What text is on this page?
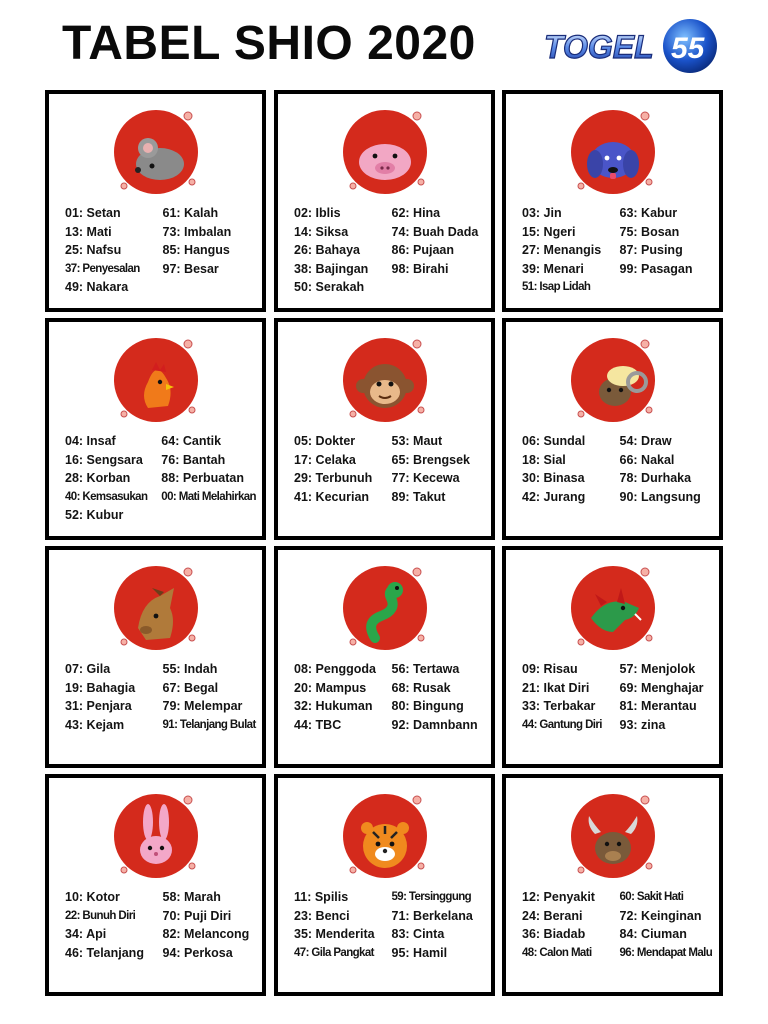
TABEL SHIO 2020 TOGEL 55
01: Setan
13: Mati
25: Nafsu
37: Penyesalan
49: Nakara
61: Kalah
73: Imbalan
85: Hangus
97: Besar
02: Iblis
14: Siksa
26: Bahaya
38: Bajingan
50: Serakah
62: Hina
74: Buah Dada
86: Pujaan
98: Birahi
03: Jin
15: Ngeri
27: Menangis
39: Menari
51: Isap Lidah
63: Kabur
75: Bosan
87: Pusing
99: Pasagan
04: Insaf
16: Sengsara
28: Korban
40: Kemsasukan
52: Kubur
64: Cantik
76: Bantah
88: Perbuatan
00: Mati Melahirkan
05: Dokter
17: Celaka
29: Terbunuh
41: Kecurian
53: Maut
65: Brengsek
77: Kecewa
89: Takut
06: Sundal
18: Sial
30: Binasa
42: Jurang
54: Draw
66: Nakal
78: Durhaka
90: Langsung
07: Gila
19: Bahagia
31: Penjara
43: Kejam
55: Indah
67: Begal
79: Melempar
91: Telanjang Bulat
08: Penggoda
20: Mampus
32: Hukuman
44: TBC
56: Tertawa
68: Rusak
80: Bingung
92: Damnbann
09: Risau
21: Ikat Diri
33: Terbakar
44: Gantung Diri
57: Menjolok
69: Menghajar
81: Merantau
93: zina
10: Kotor
22: Bunuh Diri
34: Api
46: Telanjang
58: Marah
70: Puji Diri
82: Melancong
94: Perkosa
11: Spilis
23: Benci
35: Menderita
47: Gila Pangkat
59: Tersinggung
71: Berkelana
83: Cinta
95: Hamil
12: Penyakit
24: Berani
36: Biadab
48: Calon Mati
60: Sakit Hati
72: Keinginan
84: Ciuman
96: Mendapat Malu
